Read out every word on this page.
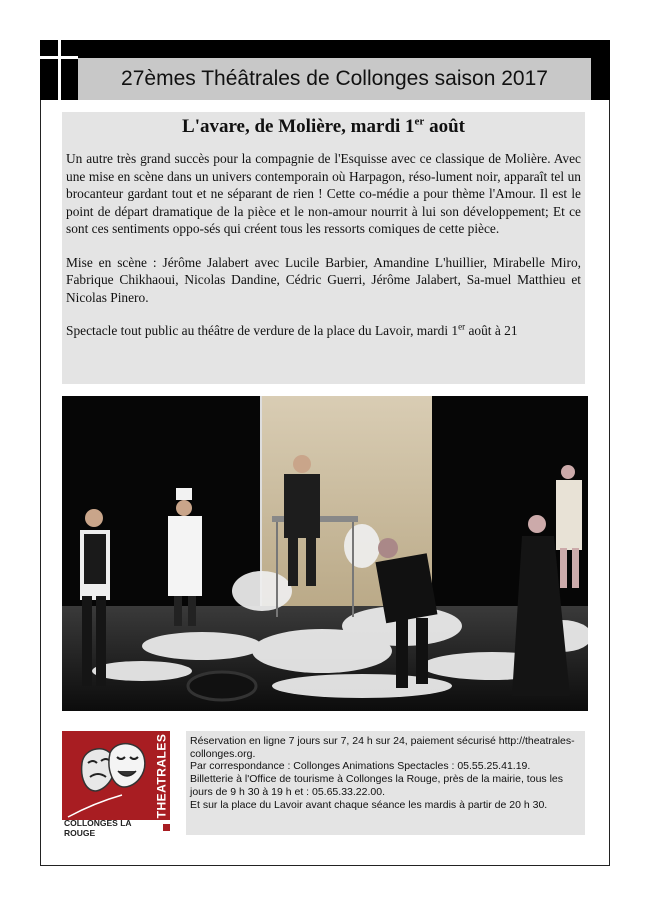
27èmes Théâtrales de Collonges saison 2017
L'avare, de Molière, mardi 1er août

Un autre très grand succès pour la compagnie de l'Esquisse avec ce classique de Molière. Avec une mise en scène dans un univers contemporain où Harpagon, réso-lument noir, apparaît tel un brocanteur gardant tout et ne séparant de rien ! Cette co-médie a pour thème l'Amour. Il est le point de départ dramatique de la pièce et le non-amour nourrit à lui son développement; Et ce sont ces sentiments oppo-sés qui créent tous les ressorts comiques de cette pièce.

Mise en scène : Jérôme Jalabert avec Lucile Barbier, Amandine L'huillier, Mirabelle Miro, Fabrique Chikhaoui, Nicolas Dandine, Cédric Guerri, Jérôme Jalabert, Sa-muel Matthieu et Nicolas Pinero.

Spectacle tout public au théâtre de verdure de la place du Lavoir, mardi 1er août à 21

THEATRALES
COLLONGES LA ROUGE
Réservation en ligne 7 jours sur 7, 24 h sur 24, paiement sécurisé http://theatrales-collonges.org.
Par correspondance : Collonges Animations Spectacles : 05.55.25.41.19.
Billetterie à l'Office de tourisme à Collonges la Rouge, près de la mairie, tous les jours de 9 h 30 à 19 h et : 05.65.33.22.00.
Et sur la place du Lavoir avant chaque séance les mardis à partir de 20 h 30.
